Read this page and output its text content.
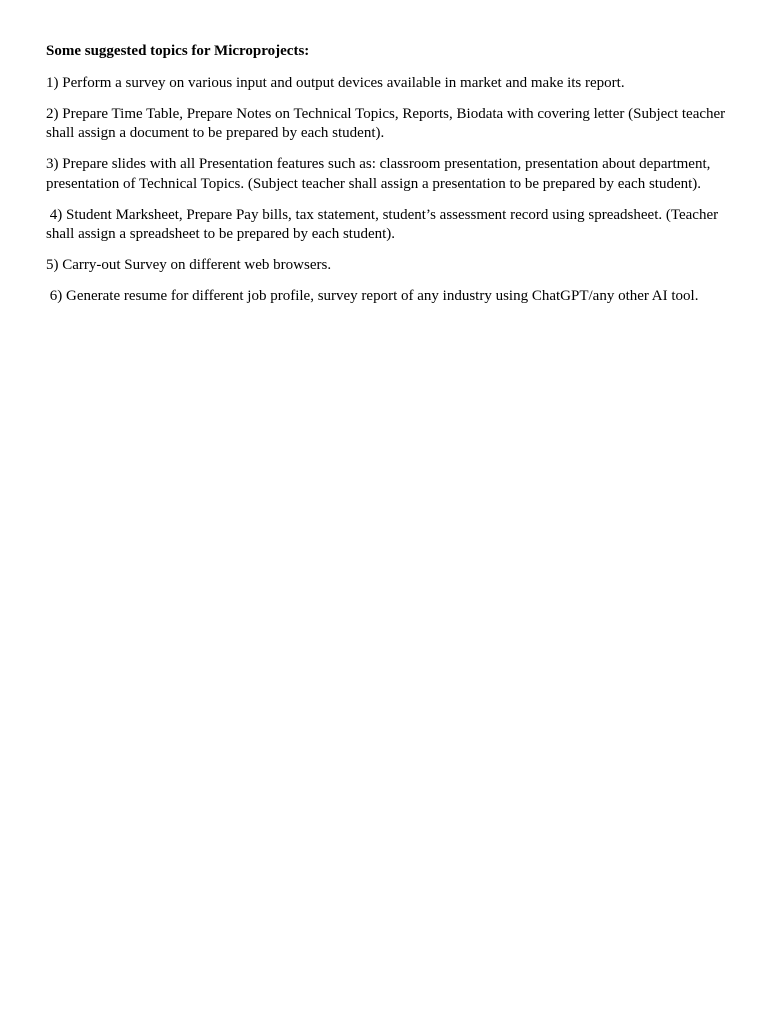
Some suggested topics for Microprojects:
1) Perform a survey on various input and output devices available in market and make its report.
2) Prepare Time Table, Prepare Notes on Technical Topics, Reports, Biodata with covering letter (Subject teacher shall assign a document to be prepared by each student).
3) Prepare slides with all Presentation features such as: classroom presentation, presentation about department, presentation of Technical Topics. (Subject teacher shall assign a presentation to be prepared by each student).
4) Student Marksheet, Prepare Pay bills, tax statement, student’s assessment record using spreadsheet. (Teacher shall assign a spreadsheet to be prepared by each student).
5) Carry-out Survey on different web browsers.
6) Generate resume for different job profile, survey report of any industry using ChatGPT/any other AI tool.
